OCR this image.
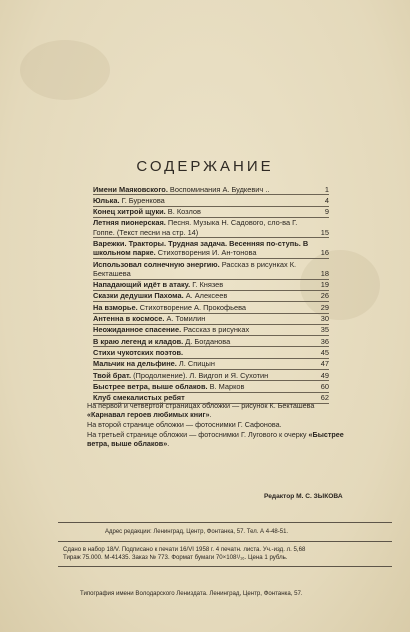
СОДЕРЖАНИЕ
Имени Маяковского. Воспоминания А. Будкевич ..	1
Юлька. Г. Буренкова	4
Конец хитрой щуки. В. Козлов	9
Летняя пионерская. Песня. Музыка Н. Садового, сло-ва Г. Гоппе. (Текст песни на стр. 14)	15
Варежки. Тракторы. Трудная задача. Весенняя по-ступь. В школьном парке. Стихотворения И. Ан-тонова	16
Использовал солнечную энергию. Рассказ в рисунках К. Бекташева	18
Нападающий идёт в атаку. Г. Князев	19
Сказки дедушки Пахома. А. Алексеев	26
На взморье. Стихотворение А. Прокофьева	29
Антенна в космосе. А. Томилин	30
Неожиданное спасение. Рассказ в рисунках	35
В краю легенд и кладов. Д. Богданова	36
Стихи чукотских поэтов.	45
Мальчик на дельфине. Л. Спицын	47
Твой брат. (Продолжение). Л. Видгоп и Я. Сухотин	49
Быстрее ветра, выше облаков. В. Марков	60
Клуб смекалистых ребят	62
На первой и четвёртой страницах обложки — рисунок К. Бекташева «Карнавал героев любимых книг».
На второй странице обложки — фотоснимки Г. Сафонова.
На третьей странице обложки — фотоснимки Г. Лугового к очерку «Быстрее ветра, выше облаков».
Редактор М. С. ЗЫКОВА
Адрес редакции: Ленинград, Центр, Фонтанка, 57. Тел. А 4-48-51.
Сдано в набор 18/V. Подписано к печати 16/VI 1958 г. 4 печатн. листа. Уч.-изд. л. 5,68
Тираж 75.000. М-41435. Заказ № 773. Формат бумаги 70×108¹/₁₆. Цена 1 рубль.
Типография имени Володарского Лениздата. Ленинград, Центр, Фонтанка, 57.
